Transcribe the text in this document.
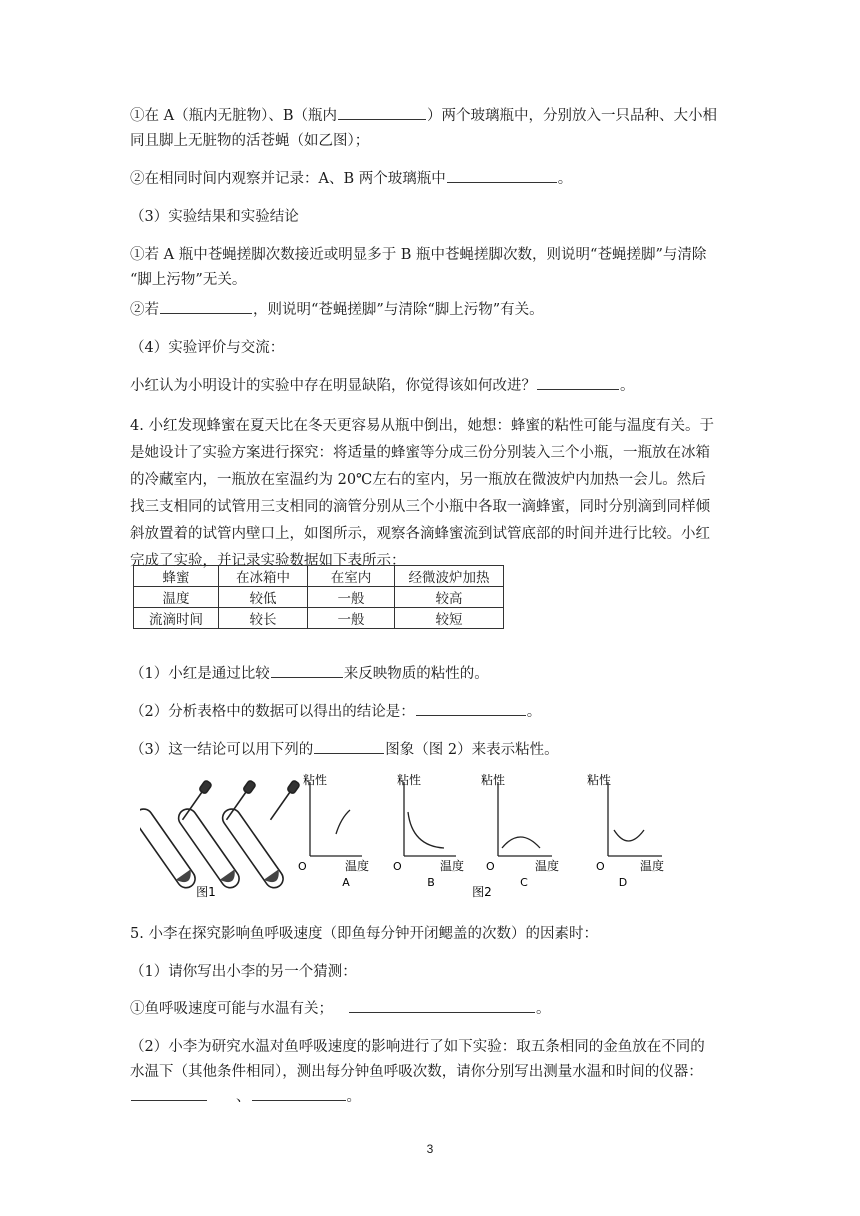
①在 A（瓶内无脏物）、B（瓶内	）两个玻璃瓶中，分别放入一只品种、大小相
同且脚上无脏物的活苍蝇（如乙图）；
②在相同时间内观察并记录：A、B 两个玻璃瓶中	。
（3）实验结果和实验结论
①若 A 瓶中苍蝇搓脚次数接近或明显多于 B 瓶中苍蝇搓脚次数，则说明“苍蝇搓脚”与清除
“脚上污物”无关。
②若	，则说明“苍蝇搓脚”与清除“脚上污物”有关。
（4）实验评价与交流：
小红认为小明设计的实验中存在明显缺陷，你觉得该如何改进？	。
4. 小红发现蜂蜜在夏天比在冬天更容易从瓶中倒出，她想：蜂蜜的粘性可能与温度有关。于
是她设计了实验方案进行探究：将适量的蜂蜜等分成三份分别装入三个小瓶，一瓶放在冰箱
的冷藏室内，一瓶放在室温约为 20℃左右的室内，另一瓶放在微波炉内加热一会儿。然后
找三支相同的试管用三支相同的滴管分别从三个小瓶中各取一滴蜂蜜，同时分别滴到同样倾
斜放置着的试管内壁口上，如图所示，观察各滴蜂蜜流到试管底部的时间并进行比较。小红
完成了实验，并记录实验数据如下表所示：
蜂蜜	在冰箱中	在室内	经微波炉加热
温度	较低	一般	较高
流滴时间	较长	一般	较短
（1）小红是通过比较	来反映物质的粘性的。
（2）分析表格中的数据可以得出的结论是：	。
（3）这一结论可以用下列的	图象（图 2）来表示粘性。
图1
粘性
温度
O
A
粘性
温度
O
B
粘性
温度
O
C
粘性
温度
O
D
图2
5. 小李在探究影响鱼呼吸速度（即鱼每分钟开闭鳃盖的次数）的因素时：
（1）请你写出小李的另一个猜测：
①鱼呼吸速度可能与水温有关；	。
（2）小李为研究水温对鱼呼吸速度的影响进行了如下实验：取五条相同的金鱼放在不同的
水温下（其他条件相同），测出每分钟鱼呼吸次数，请你分别写出测量水温和时间的仪器：
、	。
3
